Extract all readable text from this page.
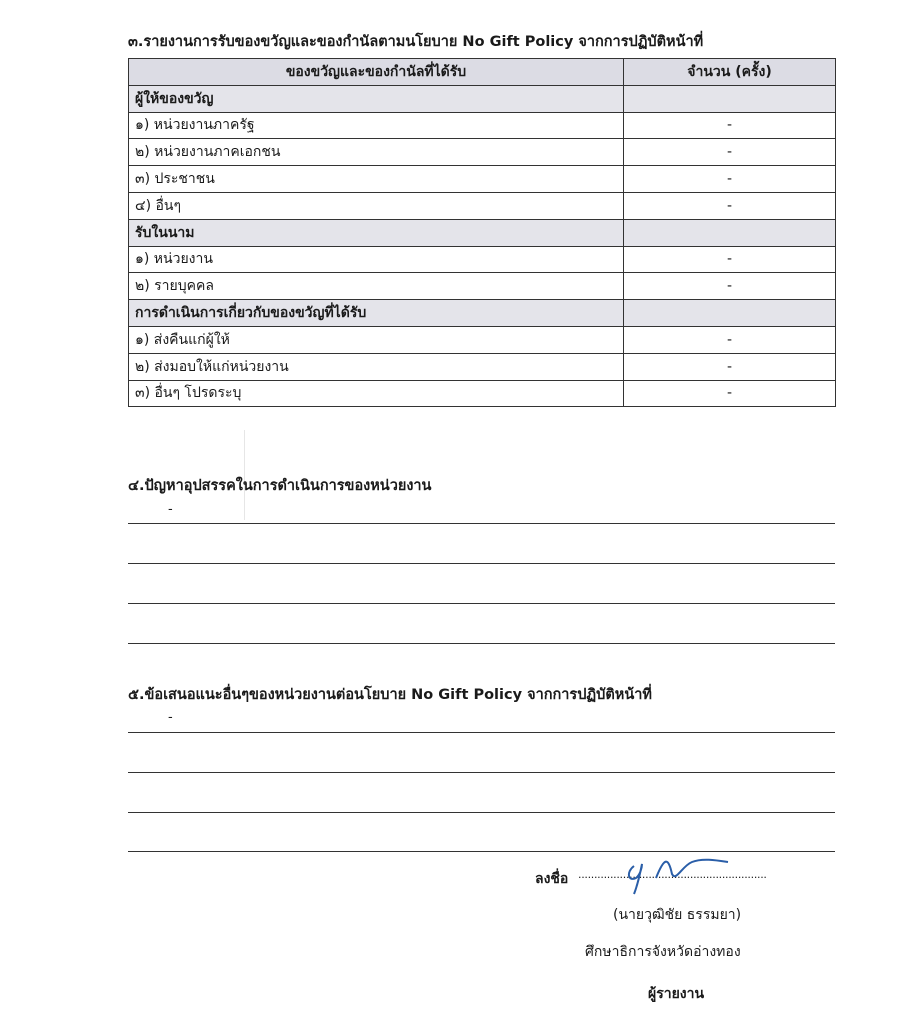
๓.รายงานการรับของขวัญและของกำนัลตามนโยบาย No Gift Policy จากการปฏิบัติหน้าที่
ของขวัญและของกำนัลที่ได้รับ	จำนวน (ครั้ง)
ผู้ให้ของขวัญ	
๑) หน่วยงานภาครัฐ	-
๒) หน่วยงานภาคเอกชน	-
๓) ประชาชน	-
๔) อื่นๆ	-
รับในนาม	
๑) หน่วยงาน	-
๒) รายบุคคล	-
การดำเนินการเกี่ยวกับของขวัญที่ได้รับ	
๑) ส่งคืนแก่ผู้ให้	-
๒) ส่งมอบให้แก่หน่วยงาน	-
๓) อื่นๆ โปรดระบุ	-
๔.ปัญหาอุปสรรคในการดำเนินการของหน่วยงาน
-
๕.ข้อเสนอแนะอื่นๆของหน่วยงานต่อนโยบาย No Gift Policy จากการปฏิบัติหน้าที่
-
ลงชื่อ ...........................................................
(นายวุฒิชัย ธรรมยา)
ศึกษาธิการจังหวัดอ่างทอง
ผู้รายงาน
